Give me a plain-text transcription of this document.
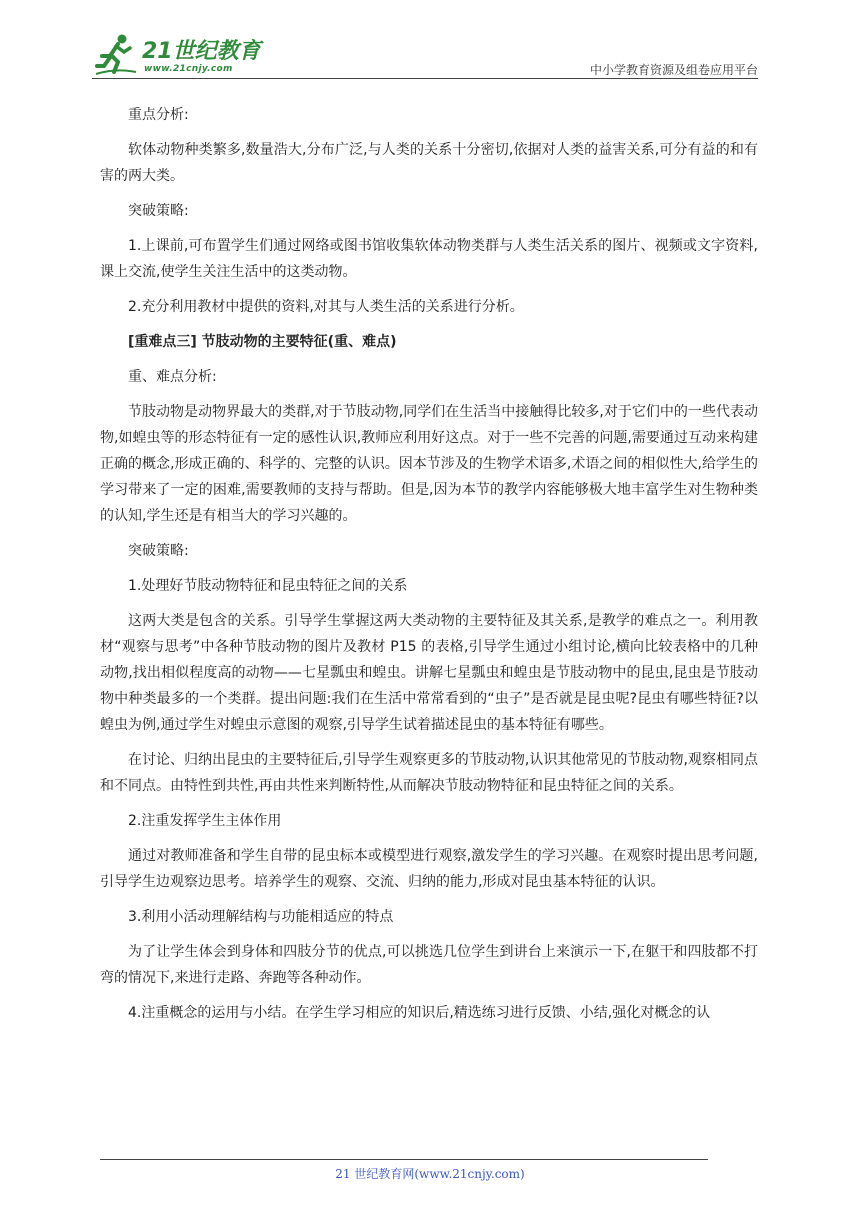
21世纪教育
www.21cnjy.com	中小学教育资源及组卷应用平台

重点分析:

软体动物种类繁多,数量浩大,分布广泛,与人类的关系十分密切,依据对人类的益害关系,可分有益的和有害的两大类。

突破策略:

1.上课前,可布置学生们通过网络或图书馆收集软体动物类群与人类生活关系的图片、视频或文字资料,课上交流,使学生关注生活中的这类动物。

2.充分利用教材中提供的资料,对其与人类生活的关系进行分析。

[重难点三] 节肢动物的主要特征(重、难点)

重、难点分析:

节肢动物是动物界最大的类群,对于节肢动物,同学们在生活当中接触得比较多,对于它们中的一些代表动物,如蝗虫等的形态特征有一定的感性认识,教师应利用好这点。对于一些不完善的问题,需要通过互动来构建正确的概念,形成正确的、科学的、完整的认识。因本节涉及的生物学术语多,术语之间的相似性大,给学生的学习带来了一定的困难,需要教师的支持与帮助。但是,因为本节的教学内容能够极大地丰富学生对生物种类的认知,学生还是有相当大的学习兴趣的。

突破策略:

1.处理好节肢动物特征和昆虫特征之间的关系

这两大类是包含的关系。引导学生掌握这两大类动物的主要特征及其关系,是教学的难点之一。利用教材“观察与思考”中各种节肢动物的图片及教材 P15 的表格,引导学生通过小组讨论,横向比较表格中的几种动物,找出相似程度高的动物——七星瓢虫和蝗虫。讲解七星瓢虫和蝗虫是节肢动物中的昆虫,昆虫是节肢动物中种类最多的一个类群。提出问题:我们在生活中常常看到的“虫子”是否就是昆虫呢?昆虫有哪些特征?以蝗虫为例,通过学生对蝗虫示意图的观察,引导学生试着描述昆虫的基本特征有哪些。

在讨论、归纳出昆虫的主要特征后,引导学生观察更多的节肢动物,认识其他常见的节肢动物,观察相同点和不同点。由特性到共性,再由共性来判断特性,从而解决节肢动物特征和昆虫特征之间的关系。

2.注重发挥学生主体作用

通过对教师准备和学生自带的昆虫标本或模型进行观察,激发学生的学习兴趣。在观察时提出思考问题,引导学生边观察边思考。培养学生的观察、交流、归纳的能力,形成对昆虫基本特征的认识。

3.利用小活动理解结构与功能相适应的特点

为了让学生体会到身体和四肢分节的优点,可以挑选几位学生到讲台上来演示一下,在躯干和四肢都不打弯的情况下,来进行走路、奔跑等各种动作。

4.注重概念的运用与小结。在学生学习相应的知识后,精选练习进行反馈、小结,强化对概念的认

21 世纪教育网(www.21cnjy.com)
